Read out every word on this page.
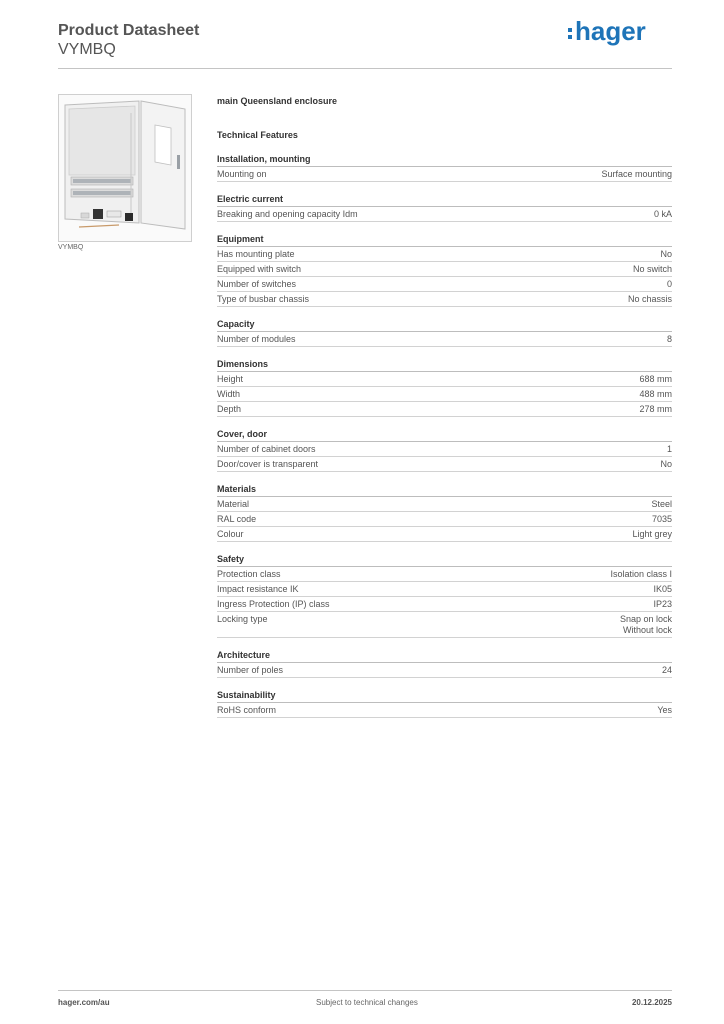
Product Datasheet
VYMBQ
hager
VYMBQ
main Queensland enclosure
Technical Features
Installation, mounting
Mounting on	Surface mounting
Electric current
Breaking and opening capacity Idm	0 kA
Equipment
Has mounting plate	No
Equipped with switch	No switch
Number of switches	0
Type of busbar chassis	No chassis
Capacity
Number of modules	8
Dimensions
Height	688 mm
Width	488 mm
Depth	278 mm
Cover, door
Number of cabinet doors	1
Door/cover is transparent	No
Materials
Material	Steel
RAL code	7035
Colour	Light grey
Safety
Protection class	Isolation class I
Impact resistance IK	IK05
Ingress Protection (IP) class	IP23
Locking type	Snap on lock
Without lock
Architecture
Number of poles	24
Sustainability
RoHS conform	Yes
hager.com/au	Subject to technical changes	20.12.2025
